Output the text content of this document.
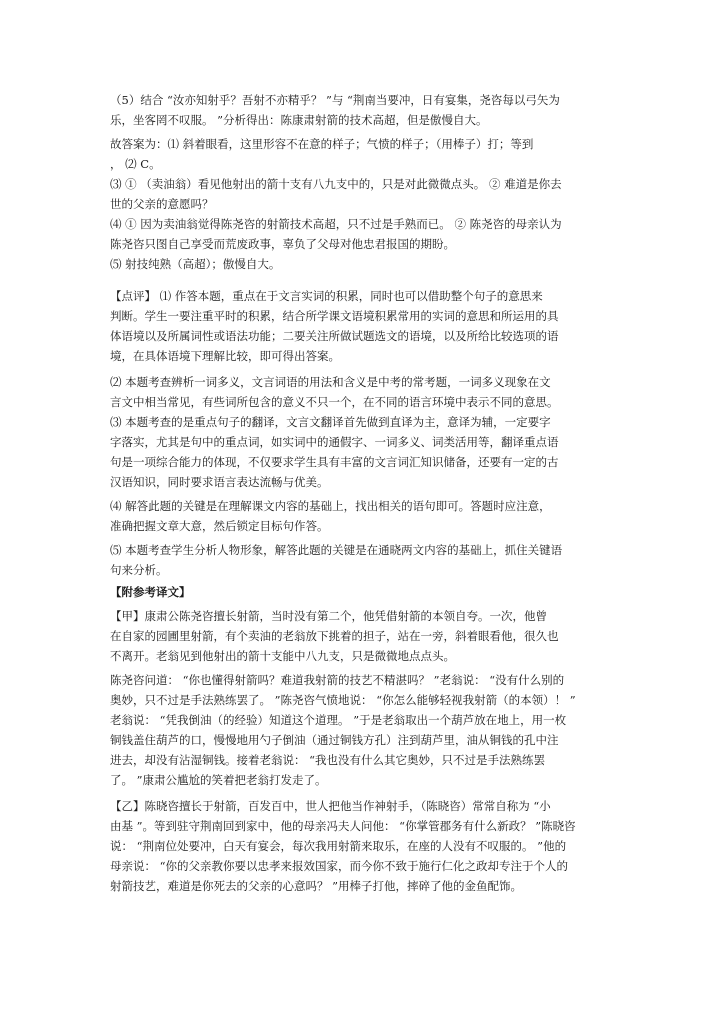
（5）结合 “汝亦知射乎？吾射不亦精乎？ ”与 “荆南当要冲，日有宴集，尧咨每以弓矢为
乐，坐客罔不叹服。 ”分析得出：陈康肃射箭的技术高超，但是傲慢自大。
故答案为：⑴ 斜着眼看，这里形容不在意的样子；气愤的样子；（用棒子）打；等到
， ⑵ C。
⑶ ① （卖油翁）看见他射出的箭十支有八九支中的，只是对此微微点头。 ② 难道是你去
世的父亲的意愿吗？
⑷ ① 因为卖油翁觉得陈尧咨的射箭技术高超，只不过是手熟而已。 ② 陈尧咨的母亲认为
陈尧咨只图自己享受而荒废政事，辜负了父母对他忠君报国的期盼。
⑸ 射技纯熟（高超）；傲慢自大。
【点评】 ⑴ 作答本题，重点在于文言实词的积累，同时也可以借助整个句子的意思来
判断。学生一要注重平时的积累，结合所学课文语境积累常用的实词的意思和所运用的具
体语境以及所属词性或语法功能；二要关注所做试题选文的语境，以及所给比较选项的语
境，在具体语境下理解比较，即可得出答案。
⑵ 本题考查辨析一词多义，文言词语的用法和含义是中考的常考题，一词多义现象在文
言文中相当常见，有些词所包含的意义不只一个，在不同的语言环境中表示不同的意思。
⑶ 本题考查的是重点句子的翻译，文言文翻译首先做到直译为主，意译为辅，一定要字
字落实，尤其是句中的重点词，如实词中的通假字、一词多义、词类活用等，翻译重点语
句是一项综合能力的体现，不仅要求学生具有丰富的文言词汇知识储备，还要有一定的古
汉语知识，同时要求语言表达流畅与优美。
⑷ 解答此题的关键是在理解课文内容的基础上，找出相关的语句即可。答题时应注意，
准确把握文章大意，然后锁定目标句作答。
⑸ 本题考查学生分析人物形象，解答此题的关键是在通晓两文内容的基础上，抓住关键语
句来分析。
【附参考译文】
【甲】康肃公陈尧咨擅长射箭，当时没有第二个，他凭借射箭的本领自夸。一次，他曾
在自家的园圃里射箭，有个卖油的老翁放下挑着的担子，站在一旁，斜着眼看他，很久也
不离开。老翁见到他射出的箭十支能中八九支，只是微微地点点头。
陈尧咨问道： “你也懂得射箭吗？难道我射箭的技艺不精湛吗？ ”老翁说： “没有什么别的
奥妙，只不过是手法熟练罢了。 ”陈尧咨气愤地说： “你怎么能够轻视我射箭（的本领）！ ”
老翁说： “凭我倒油（的经验）知道这个道理。 ”于是老翁取出一个葫芦放在地上，用一枚
铜钱盖住葫芦的口，慢慢地用勺子倒油（通过铜钱方孔）注到葫芦里，油从铜钱的孔中注
进去，却没有沾湿铜钱。接着老翁说： “我也没有什么其它奥妙，只不过是手法熟练罢
了。 ”康肃公尴尬的笑着把老翁打发走了。
【乙】陈晓咨擅长于射箭，百发百中，世人把他当作神射手，（陈晓咨）常常自称为 “小
由基 ”。等到驻守荆南回到家中，他的母亲冯夫人问他： “你掌管郡务有什么新政？ ”陈晓咨
说： “荆南位处要冲，白天有宴会，每次我用射箭来取乐，在座的人没有不叹服的。 ”他的
母亲说： “你的父亲教你要以忠孝来报效国家，而今你不致于施行仁化之政却专注于个人的
射箭技艺，难道是你死去的父亲的心意吗？ ”用棒子打他，摔碎了他的金鱼配饰。
